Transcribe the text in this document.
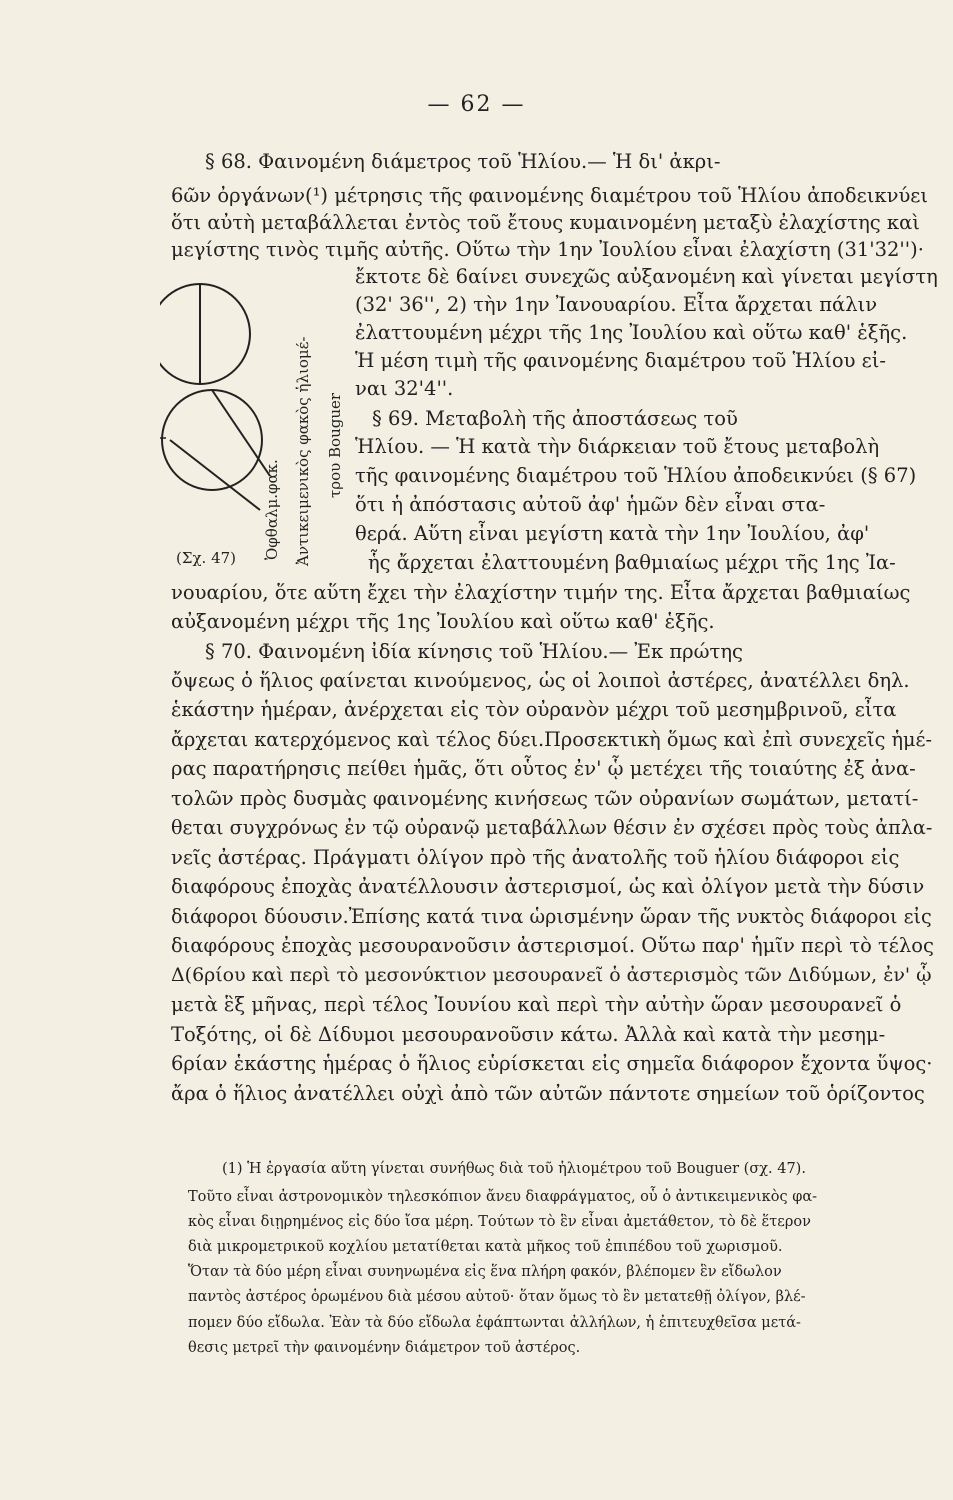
— 62 —
§ 68. Φαινομένη διάμετρος τοῦ Ἡλίου.— Ἡ δι' ἀκρι-
6ῶν ὀργάνων(¹) μέτρησις τῆς φαινομένης διαμέτρου τοῦ Ἡλίου ἀποδεικνύει
ὅτι αὐτὴ μεταβάλλεται ἐντὸς τοῦ ἔτους κυμαινομένη μεταξὺ ἐλαχίστης καὶ
μεγίστης τινὸς τιμῆς αὐτῆς. Οὕτω τὴν 1ην Ἰουλίου εἶναι ἐλαχίστη (31'32'')·
ἔκτοτε δὲ 6αίνει συνεχῶς αὐξανομένη καὶ γίνεται μεγίστη
(32' 36'', 2) τὴν 1ην Ἰανουαρίου. Εἶτα ἄρχεται πάλιν
ἐλαττουμένη μέχρι τῆς 1ης Ἰουλίου καὶ οὕτω καθ' ἑξῆς.
Ἡ μέση τιμὴ τῆς φαινομένης διαμέτρου τοῦ Ἡλίου εἰ-
ναι 32'4''.
§ 69. Μεταβολὴ τῆς ἀποστάσεως τοῦ
Ἡλίου. — Ἡ κατὰ τὴν διάρκειαν τοῦ ἔτους μεταβολὴ
τῆς φαινομένης διαμέτρου τοῦ Ἡλίου ἀποδεικνύει (§ 67)
ὅτι ἡ ἀπόστασις αὐτοῦ ἀφ' ἡμῶν δὲν εἶναι στα-
θερά. Αὕτη εἶναι μεγίστη κατὰ τὴν 1ην Ἰουλίου, ἀφ'
ἧς ἄρχεται ἐλαττουμένη βαθμιαίως μέχρι τῆς 1ης Ἰα-
νουαρίου, ὅτε αὕτη ἔχει τὴν ἐλαχίστην τιμήν της. Εἶτα ἄρχεται βαθμιαίως
αὐξανομένη μέχρι τῆς 1ης Ἰουλίου καὶ οὕτω καθ' ἑξῆς.
§ 70. Φαινομένη ἰδία κίνησις τοῦ Ἡλίου.— Ἐκ πρώτης
ὄψεως ὁ ἥλιος φαίνεται κινούμενος, ὡς οἱ λοιποὶ ἀστέρες, ἀνατέλλει δηλ.
ἑκάστην ἡμέραν, ἀνέρχεται εἰς τὸν οὐρανὸν μέχρι τοῦ μεσημβρινοῦ, εἶτα
ἄρχεται κατερχόμενος καὶ τέλος δύει.Προσεκτικὴ ὅμως καὶ ἐπὶ συνεχεῖς ἡμέ-
ρας παρατήρησις πείθει ἡμᾶς, ὅτι οὗτος ἐν' ᾧ μετέχει τῆς τοιαύτης ἐξ ἀνα-
τολῶν πρὸς δυσμὰς φαινομένης κινήσεως τῶν οὐρανίων σωμάτων, μετατί-
θεται συγχρόνως ἐν τῷ οὐρανῷ μεταβάλλων θέσιν ἐν σχέσει πρὸς τοὺς ἀπλα-
νεῖς ἀστέρας. Πράγματι ὀλίγον πρὸ τῆς ἀνατολῆς τοῦ ἡλίου διάφοροι εἰς
διαφόρους ἐποχὰς ἀνατέλλουσιν ἀστερισμοί, ὡς καὶ ὀλίγον μετὰ τὴν δύσιν
διάφοροι δύουσιν.Ἐπίσης κατά τινα ὡρισμένην ὥραν τῆς νυκτὸς διάφοροι εἰς
διαφόρους ἐποχὰς μεσουρανοῦσιν ἀστερισμοί. Οὕτω παρ' ἡμῖν περὶ τὸ τέλος
Δ(6ρίου καὶ περὶ τὸ μεσονύκτιον μεσουρανεῖ ὁ ἀστερισμὸς τῶν Διδύμων, ἐν' ᾧ
μετὰ ἓξ μῆνας, περὶ τέλος Ἰουνίου καὶ περὶ τὴν αὐτὴν ὥραν μεσουρανεῖ ὁ
Τοξότης, οἱ δὲ Δίδυμοι μεσουρανοῦσιν κάτω. Ἀλλὰ καὶ κατὰ τὴν μεσημ-
6ρίαν ἑκάστης ἡμέρας ὁ ἥλιος εὑρίσκεται εἰς σημεῖα διάφορον ἔχοντα ὕψος·
ἄρα ὁ ἥλιος ἀνατέλλει οὐχὶ ἀπὸ τῶν αὐτῶν πάντοτε σημείων τοῦ ὁρίζοντος
(Σχ. 47)	Ἀντικειμενικὸς φακὸς ἡλιομέ- τρου Bouguer
Ὀφθαλμ.φακ.
(1) Ἡ ἐργασία αὕτη γίνεται συνήθως διὰ τοῦ ἡλιομέτρου τοῦ Bouguer (σχ. 47).
Τοῦτο εἶναι ἀστρονομικὸν τηλεσκόπιον ἄνευ διαφράγματος, οὗ ὁ ἀντικειμενικὸς φα-
κὸς εἶναι διῃρημένος εἰς δύο ἴσα μέρη. Τούτων τὸ ἓν εἶναι ἀμετάθετον, τὸ δὲ ἕτερον
διὰ μικρομετρικοῦ κοχλίου μετατίθεται κατὰ μῆκος τοῦ ἐπιπέδου τοῦ χωρισμοῦ.
Ὅταν τὰ δύο μέρη εἶναι συνηνωμένα εἰς ἕνα πλήρη φακόν, βλέπομεν ἓν εἴδωλον
παντὸς ἀστέρος ὁρωμένου διὰ μέσου αὐτοῦ· ὅταν ὅμως τὸ ἓν μετατεθῇ ὀλίγον, βλέ-
πομεν δύο εἴδωλα. Ἐὰν τὰ δύο εἴδωλα ἐφάπτωνται ἀλλήλων, ἡ ἐπιτευχθεῖσα μετά-
θεσις μετρεῖ τὴν φαινομένην διάμετρον τοῦ ἀστέρος.
